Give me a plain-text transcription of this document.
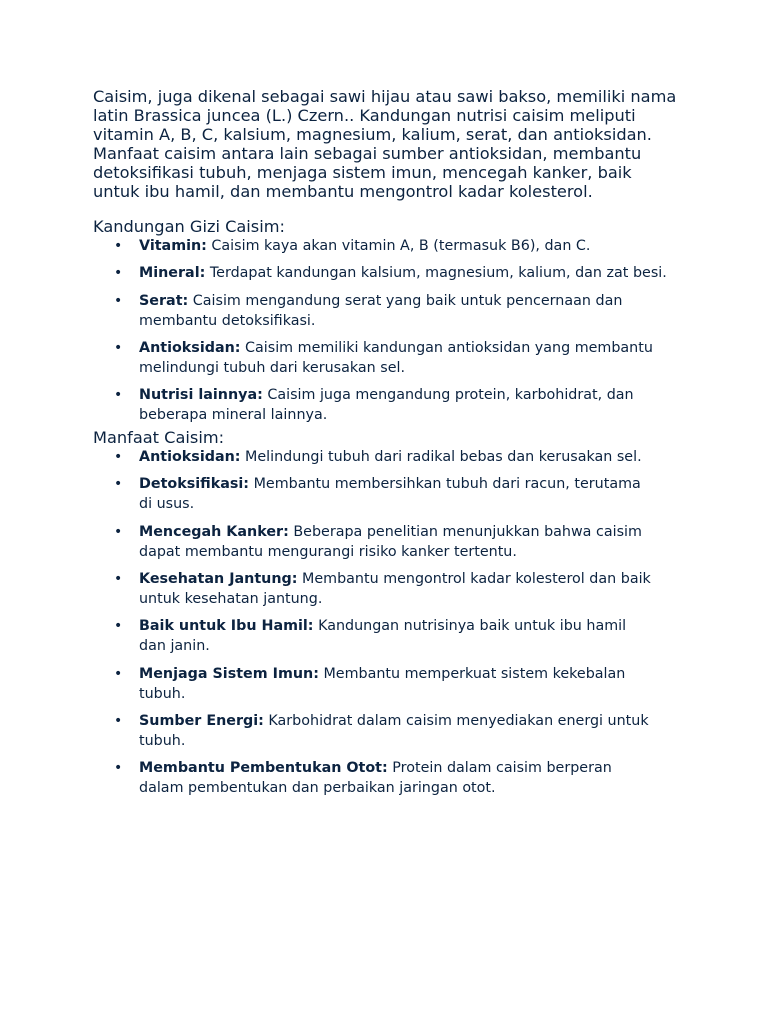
Caisim, juga dikenal sebagai sawi hijau atau sawi bakso, memiliki nama latin Brassica juncea (L.) Czern.. Kandungan nutrisi caisim meliputi vitamin A, B, C, kalsium, magnesium, kalium, serat, dan antioksidan. Manfaat caisim antara lain sebagai sumber antioksidan, membantu detoksifikasi tubuh, menjaga sistem imun, mencegah kanker, baik untuk ibu hamil, dan membantu mengontrol kadar kolesterol.

Kandungan Gizi Caisim:
• Vitamin: Caisim kaya akan vitamin A, B (termasuk B6), dan C.
• Mineral: Terdapat kandungan kalsium, magnesium, kalium, dan zat besi.
• Serat: Caisim mengandung serat yang baik untuk pencernaan dan membantu detoksifikasi.
• Antioksidan: Caisim memiliki kandungan antioksidan yang membantu melindungi tubuh dari kerusakan sel.
• Nutrisi lainnya: Caisim juga mengandung protein, karbohidrat, dan beberapa mineral lainnya.
Manfaat Caisim:
• Antioksidan: Melindungi tubuh dari radikal bebas dan kerusakan sel.
• Detoksifikasi: Membantu membersihkan tubuh dari racun, terutama di usus.
• Mencegah Kanker: Beberapa penelitian menunjukkan bahwa caisim dapat membantu mengurangi risiko kanker tertentu.
• Kesehatan Jantung: Membantu mengontrol kadar kolesterol dan baik untuk kesehatan jantung.
• Baik untuk Ibu Hamil: Kandungan nutrisinya baik untuk ibu hamil dan janin.
• Menjaga Sistem Imun: Membantu memperkuat sistem kekebalan tubuh.
• Sumber Energi: Karbohidrat dalam caisim menyediakan energi untuk tubuh.
• Membantu Pembentukan Otot: Protein dalam caisim berperan dalam pembentukan dan perbaikan jaringan otot.
